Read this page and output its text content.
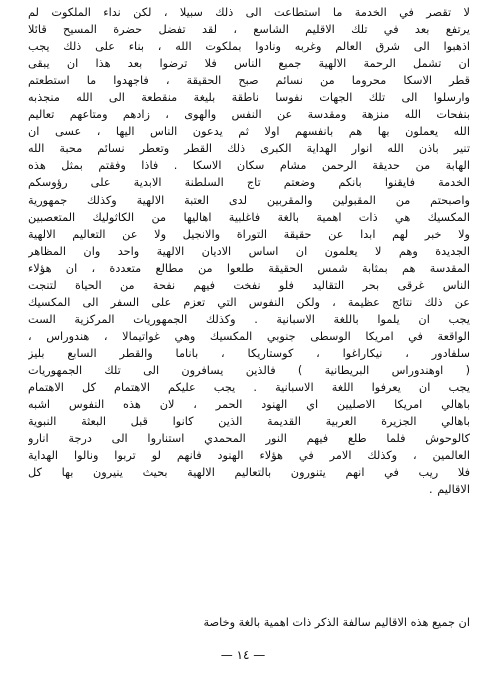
لا تقصر في الخدمة ما استطاعت الى ذلك سبيلا ، لكن نداء الملكوت لم
يرتفع بعد في تلك الاقليم الشاسع ، لقد تفضل حضرة المسيح قائلا
اذهبوا الى شرق العالم وغربه ونادوا بملكوت الله ، بناء على ذلك يجب
ان تشمل الرحمة الالهية جميع الناس فلا ترضوا بعد هذا ان يبقى
قطر الاسكا محروما من نسائم صبح الحقيقة ، فاجهدوا ما استطعتم
وارسلوا الى تلك الجهات نفوسا ناطقة بليغة منقطعة الى الله منجذبه
بنفحات الله منزهة ومقدسة عن النفس والهوى ، زادهم ومتاعهم تعاليم
الله يعملون بها هم بانفسهم اولا ثم يدعون الناس اليها ، عسى ان
تنير باذن الله انوار الهداية الكبرى ذلك القطر وتعطر نسائم محبة الله
الهابة من حديقة الرحمن مشام سكان الاسكا . فاذا وفقتم بمثل هذه
الخدمة فايقنوا بانكم وضعتم تاج السلطنة الابدية على رؤوسكم
واصبحتم من المقبولين والمقربين لدى العتبة الالهية وكذلك جمهورية
المكسيك هي ذات اهمية بالغة فاغلبية اهاليها من الكاثوليك المتعصبين
ولا خبر لهم ابدا عن حقيقة التوراة والانجيل ولا عن التعاليم الالهية
الجديدة وهم لا يعلمون ان اساس الاديان الالهية واحد وان المظاهر
المقدسة هم بمثابة شمس الحقيقة طلعوا من مطالع متعددة ، ان هؤلاء
الناس غرقى بحر التقاليد فلو نفخت فيهم نفحة من الحياة لتنجت
عن ذلك نتائج عظيمة ، ولكن النفوس التي تعزم على السفر الى المكسيك
يجب ان يلموا باللغة الاسبانية . وكذلك الجمهوريات المركزية الست
الواقعة في امريكا الوسطى جنوبي المكسيك وهي غواتيمالا ، هندوراس ،
سلفادور ، نيكاراغوا ، كوستاريكا ، باناما والقطر السابع بليز
( اوهندوراس البريطانية ) فالذين يسافرون الى تلك الجمهوريات
يجب ان يعرفوا اللغة الاسبانية . يجب عليكم الاهتمام كل الاهتمام
باهالي امريكا الاصليين اي الهنود الحمر ، لان هذه النفوس اشبه
باهالي الجزيرة العربية القديمة الذين كانوا قبل البعثة النبوية
كالوحوش فلما طلع فيهم النور المحمدي استناروا الى درجة انارو
العالمين ، وكذلك الامر في هؤلاء الهنود فانهم لو تربوا ونالوا الهداية
فلا ريب في انهم يتنورون بالتعاليم الالهية بحيث ينيرون بها كل
الاقاليم .
ان جميع هذه الاقاليم سالفة الذكر ذات اهمية بالغة وخاصة
— ١٤ —
